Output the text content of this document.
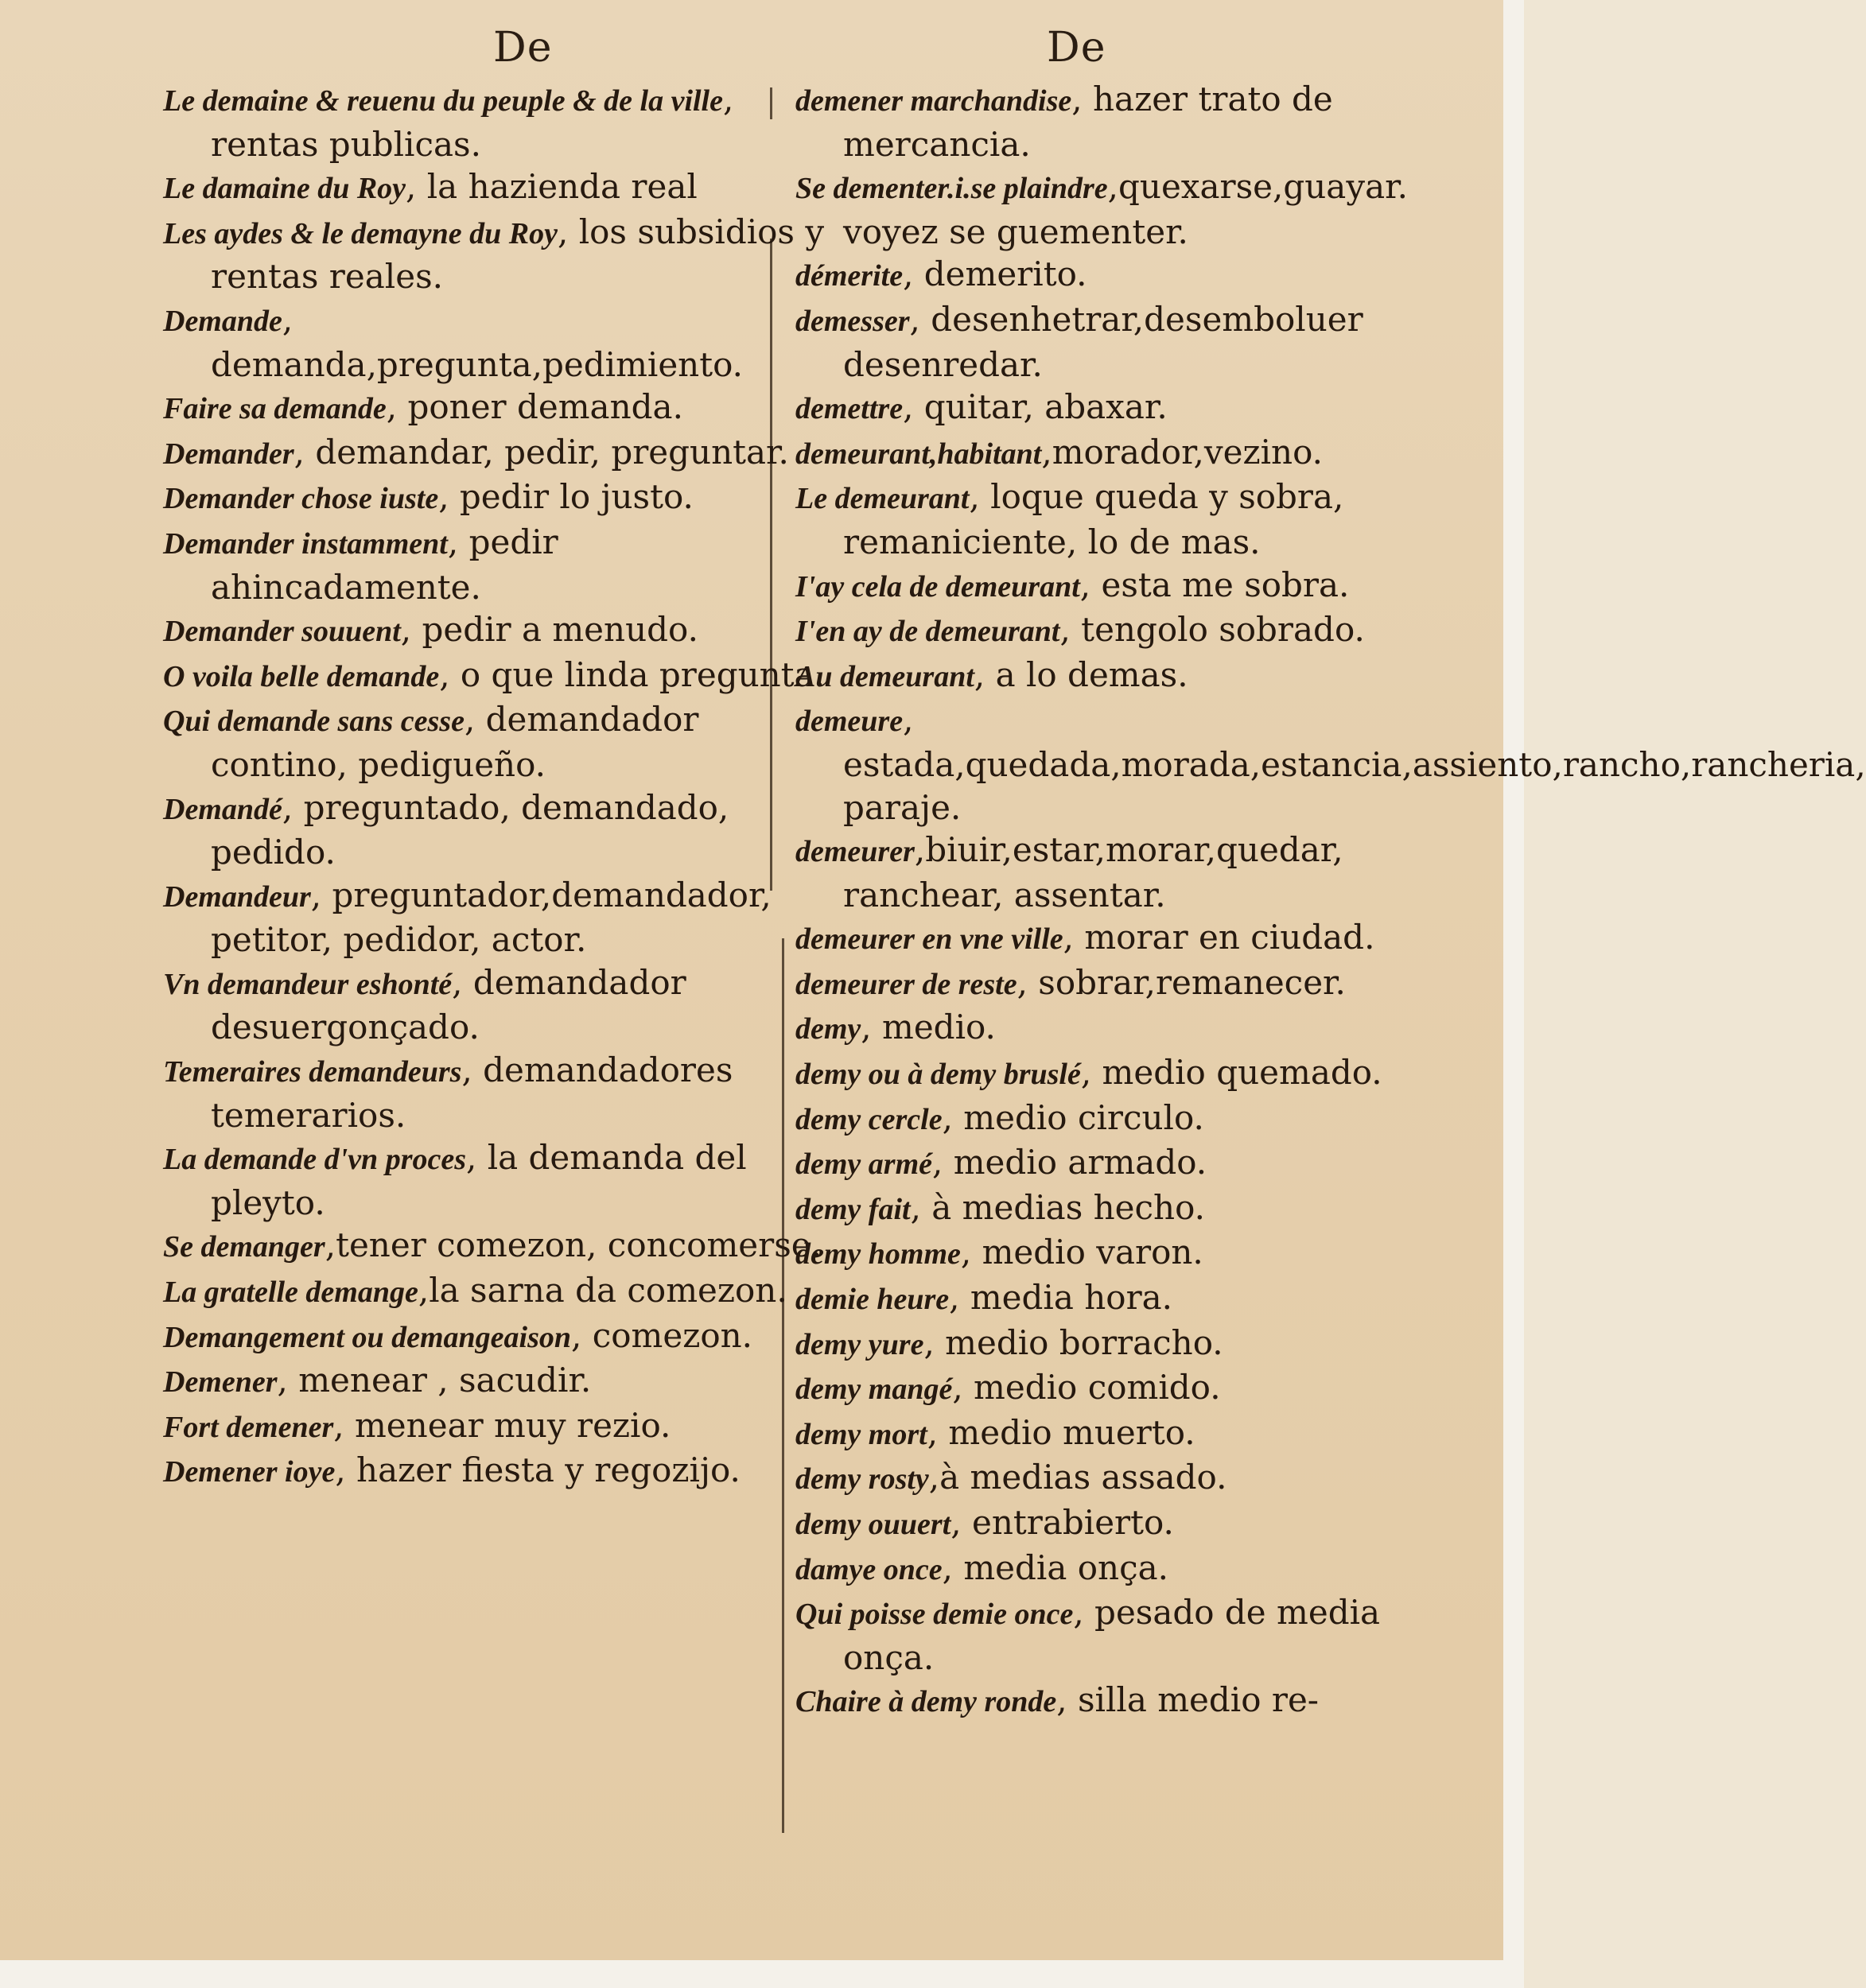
De	De

Le demaine & reuenu du peuple & de la ville, rentas publicas.

Le damaine du Roy, la hazienda real

Les aydes & le demayne du Roy, los subsidios y rentas reales.

Demande, demanda,pregunta,pedimiento.

Faire sa demande, poner demanda.

Demander, demandar, pedir, preguntar.

Demander chose iuste, pedir lo justo.

Demander instamment, pedir ahincadamente.

Demander souuent, pedir a menudo.

O voila belle demande, o que linda pregunta.

Qui demande sans cesse, demandador contino, pedigueño.

Demandé, preguntado, demandado, pedido.

Demandeur, preguntador,demandador, petitor, pedidor, actor.

Vn demandeur eshonté, demandador desuergonçado.

Temeraires demandeurs, demandadores temerarios.

La demande d'vn proces, la demanda del pleyto.

Se demanger,tener comezon, concomerse.

La gratelle demange,la sarna da comezon.

Demangement ou demangeaison, comezon.

Demener, menear , sacudir.

Fort demener, menear muy rezio.

Demener ioye, hazer fiesta y regozijo.

demener marchandise, hazer trato de mercancia.

Se dementer.i.se plaindre,quexarse,guayar. voyez se guementer.

démerite, demerito.

demesser, desenhetrar,desemboluer desenredar.

demettre, quitar, abaxar.

demeurant,habitant,morador,vezino.

Le demeurant, loque queda y sobra, remaniciente, lo de mas.

I'ay cela de demeurant, esta me sobra.

I'en ay de demeurant, tengolo sobrado.

Au demeurant, a lo demas.

demeure, estada,quedada,morada,estancia,assiento,rancho,rancheria, paraje.

demeurer,biuir,estar,morar,quedar, ranchear, assentar.

demeurer en vne ville, morar en ciudad.

demeurer de reste, sobrar,remanecer.

demy, medio.

demy ou à demy bruslé, medio quemado.

demy cercle, medio circulo.

demy armé, medio armado.

demy fait, à medias hecho.

demy homme, medio varon.

demie heure, media hora.

demy yure, medio borracho.

demy mangé, medio comido.

demy mort, medio muerto.

demy rosty,à medias assado.

demy ouuert, entrabierto.

damye once, media onça.

Qui poisse demie once, pesado de media onça.

Chaire à demy ronde, silla medio re-
